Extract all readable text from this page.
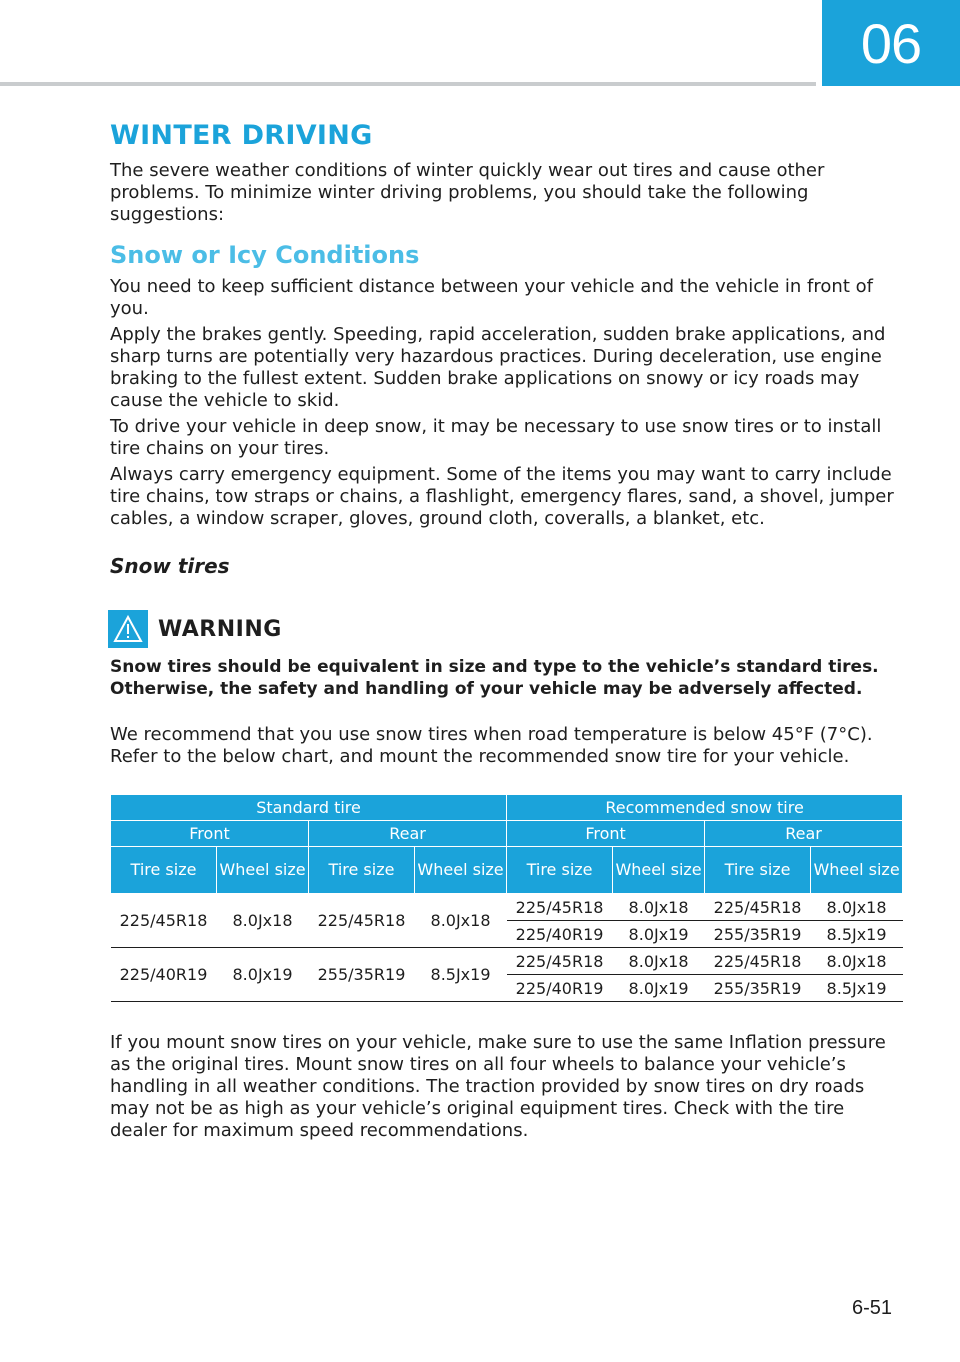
06
WINTER DRIVING

The severe weather conditions of winter quickly wear out tires and cause other problems. To minimize winter driving problems, you should take the following suggestions:

Snow or Icy Conditions

You need to keep sufficient distance between your vehicle and the vehicle in front of you.

Apply the brakes gently. Speeding, rapid acceleration, sudden brake applications, and sharp turns are potentially very hazardous practices. During deceleration, use engine braking to the fullest extent. Sudden brake applications on snowy or icy roads may cause the vehicle to skid.

To drive your vehicle in deep snow, it may be necessary to use snow tires or to install tire chains on your tires.

Always carry emergency equipment. Some of the items you may want to carry include tire chains, tow straps or chains, a flashlight, emergency flares, sand, a shovel, jumper cables, a window scraper, gloves, ground cloth, coveralls, a blanket, etc.

Snow tires
WARNING

Snow tires should be equivalent in size and type to the vehicle’s standard tires. Otherwise, the safety and handling of your vehicle may be adversely affected.

We recommend that you use snow tires when road temperature is below 45°F (7°C). Refer to the below chart, and mount the recommended snow tire for your vehicle.

Standard tire				Recommended snow tire			
Front		Rear		Front		Rear	
Tire size	Wheel size	Tire size	Wheel size	Tire size	Wheel size	Tire size	Wheel size
225/45R18	8.0Jx18	225/45R18	8.0Jx18	225/45R18	8.0Jx18	225/45R18	8.0Jx18
				225/40R19	8.0Jx19	255/35R19	8.5Jx19
225/40R19	8.0Jx19	255/35R19	8.5Jx19	225/45R18	8.0Jx18	225/45R18	8.0Jx18
				225/40R19	8.0Jx19	255/35R19	8.5Jx19

If you mount snow tires on your vehicle, make sure to use the same Inflation pressure as the original tires. Mount snow tires on all four wheels to balance your vehicle’s handling in all weather conditions. The traction provided by snow tires on dry roads may not be as high as your vehicle’s original equipment tires. Check with the tire dealer for maximum speed recommendations.

6-51
